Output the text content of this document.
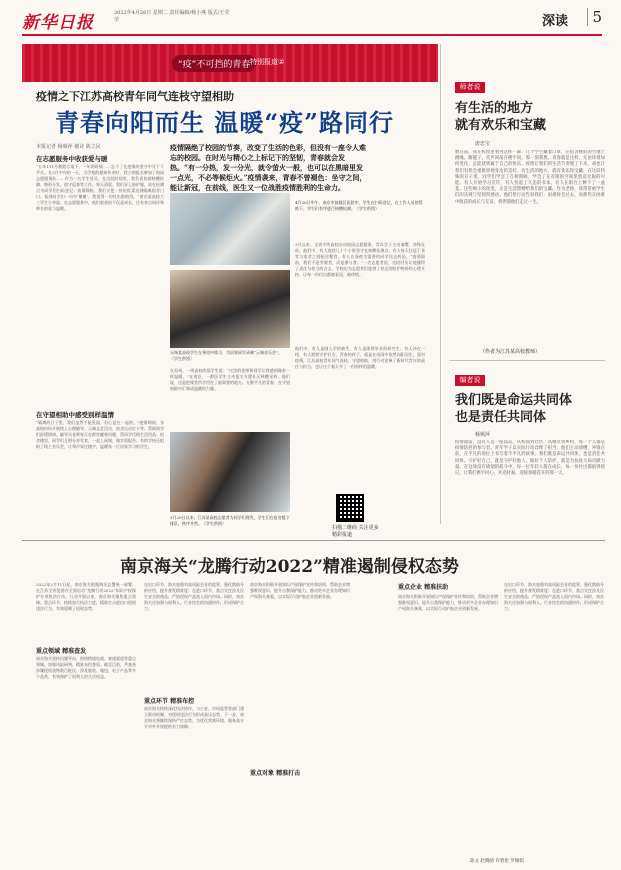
新华日报	2022年4月26日 星期二 责任编辑/杨小燕 版式/王莹莹	深读	5
“疫”不可挡的青春 特别报道②
疫情之下江苏高校青年同气连枝守望相助
青春向阳而生 温暖“疫”路同行
本报记者 杨频萍 谢诗 陈立民	疫情隔绝了校园的节奏，改变了生活的色彩，但没有一座令人难忘的校园。在时光与精心之上标记下的坚韧，青春就会发热。“有一分热，发一分光，就令萤火一般，也可以在黑暗里发一点光，不必等候炬火。”疫情袭来，青春不曾褪色：坐守之间，能让新冠，在前线，医生又一位战胜疫情胜利的生命力。
在志愿服务中收获爱与暖
“五年111月朝霞尽染下，一年的时候……忘不了在疫情的坚守中写下不平凡。在3月中旬的一天，当学校的通知传来时，我立刻报名参加了校园志愿服务队……作为一名学生党员，在这段时间里，我负责协助核酸检测、物资分发、值守巡查等工作。每天清晨，我们穿上防护服，站在检测点为同学们扫码登记；夜幕降临，我们又把一份份饭菜送到隔离宿舍门口。看到同学们一句句‘谢谢’，我觉得一切付出都值得。”南京某高校大三学生小李说。在志愿服务中，他们收获的不仅是成长，还有来自同伴和师长的爱与温暖。
在守望相助中感受别样温情
“隔离的日子里，我们虽然不能见面，但心是在一起的。”疫情期间，各高校纷纷开展线上心理辅导、云端文艺活动、宿舍运动打卡等，帮助同学们舒缓情绪。辅导员老师每天在群里嘘寒问暖，帮同学代购生活用品；宿舍楼里，同学们互相分享零食，一起上网课、做实验报告；有的学校还组织了线上音乐会，让琴声穿过楼宇，温暖每一位居家学习的学生。
4月20日中午，南京市鼓楼区医院中，学生在扫码登记，在工作人员的帮助下，学生们有序进行核酸检测。（学生供图）
3月以来，全省多所高校启动校园志愿服务，青年学子主动请缨、冲锋在前。他们中，有人连续几十个小时坚守在核酸检测点，有人每天往返于食堂与宿舍之间配送餐食，有人在深夜为需要的同学送去药品。“疫情面前，我们不是旁观者，而是参与者。”一名志愿者说，这段经历让他懂得了责任与担当的含义。学校也为志愿者们提供了充足的防护物资和心理支持，让每一份付出都被看见、被珍惜。
无锡某高校学生在琴房中练习，为居家同学录制“云端音乐会”。（学生供图）
在苏州，一所高校的留学生说：“这里的老师和同学让我感到像家一样温暖。”在南京，一群医学生主动报名支援社区核酸采样，他们说，这是把课堂所学用在了最需要的地方。无数平凡的青春，在守望相助中汇聚成温暖的力量。
3月20日以来，江苏某高校志愿者为同学们理发，学生们在宿舍楼下排队，秩序井然。（学生供图）
他们中，有人是刚入学的新生，有人是即将毕业的研究生；有人冲在一线，有人默默守护后方。青春的样子，就是在风雨中依然向阳而生。面对疫情，江苏高校青年同气连枝、守望相助，用行动诠释了新时代青年的责任与担当，也让这个春天多了一份别样的温暖。
扫描二维码 关注更多精彩报道
师者说
有生活的地方
就有欢乐和宝藏
唐忠宝
数日前，我在校园里看到这样一幕：几个学生戴着口罩，在宿舍楼前的空地上跳绳、踢毽子，笑声回荡在楼宇间。那一刻我想，青春就是这样，无论环境如何变化，总能找到属于自己的快乐。疫情让我们的生活节奏慢了下来，却也让我们有机会重新审视身边的美好。有生活的地方，就有欢乐和宝藏。在这段特殊的日子里，同学们学会了互相照顾，学会了在有限的空间里创造无限的可能。有人开始学习烹饪，有人捡起了久违的书本，有人在阳台上种下了一盆花。这些细小的改变，正是生活馈赠给我们的宝藏。作为老师，我常常被学生们的乐观与坚韧所感动。他们用行动告诉我们：困难终会过去，而那些在困难中收获的成长与友谊，将伴随他们走过一生。
（作者为江苏某高校教师）
编者说
我们既是命运共同体
也是责任共同体
杨频萍
疫情面前，没有人是一座孤岛。从校园到社区，从城市到乡村，每一个人都是疫情防控的参与者。青年学子以实际行动诠释了担当：他们主动请缨、冲锋在前，在平凡的岗位上书写着不平凡的故事。我们既是命运共同体，也是责任共同体。守护好自己，就是守护好他人；做好个人防护，就是为抗疫大局贡献力量。在这场没有硝烟的战斗中，每一位年轻人都在成长，每一份付出都值得铭记。让我们携手同心，共克时艰，迎接春暖花开的那一天。
南京海关“龙腾行动2022”精准遏制侵权态势
2022年2月11日起，南京海关根据海关总署统一部署，在江苏全省范围内全面启动“龙腾行动2022”知识产权保护专项执法行动。行动开展以来，南京海关聚焦重点领域、重点环节，持续加大执法力度，精准打击进出口侵权违法行为，有效遏制了侵权态势。
重点领域 精准查发
南京海关坚持问题导向，围绕跨境电商、寄递渠道等重点领域，加强风险研判，精准布控查验。截至目前，共查获涉嫌侵权货物数百批次，涉及服装、箱包、电子产品等多个品类，有效保护了权利人的合法权益。
在出口环节，海关加强对高风险企业的监管，强化数据分析应用，提升查发精准度；在进口环节，重点关注涉及民生安全的商品，严防侵权产品流入国内市场。同时，南京海关还加强与权利人、行业协会的沟通协作，形成保护合力。
重点环节 精准布控
南京海关持续深化执法协作，与公安、市场监管等部门建立联动机制，对侵权违法行为形成高压态势。下一步，南京海关将继续保持严打态势，为优化营商环境、服务高水平对外开放提供有力保障。
重点对象 精准打击
南京海关积极开展知识产权保护宣传和培训，帮助企业增强维权意识、提升自我保护能力，推动更多企业办理知识产权海关备案，以实际行动护航企业创新发展。
重点企业 精准扶助
南京海关积极开展知识产权保护宣传和培训，帮助企业增强维权意识、提升自我保护能力，推动更多企业办理知识产权海关备案，以实际行动护航企业创新发展。
在出口环节，海关加强对高风险企业的监管，强化数据分析应用，提升查发精准度；在进口环节，重点关注涉及民生安全的商品，严防侵权产品流入国内市场。同时，南京海关还加强与权利人、行业协会的沟通协作，形成保护合力。
陈文 赵晓晴 许智伦 罗啸娟
